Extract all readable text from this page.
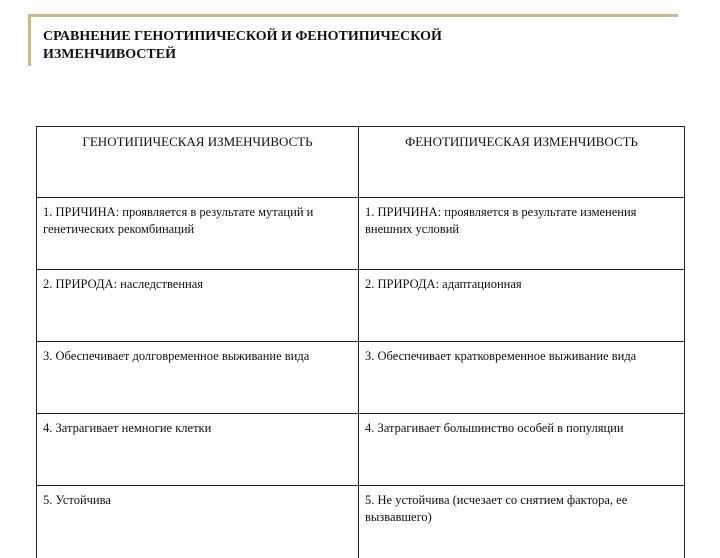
СРАВНЕНИЕ ГЕНОТИПИЧЕСКОЙ И ФЕНОТИПИЧЕСКОЙ
ИЗМЕНЧИВОСТЕЙ
ГЕНОТИПИЧЕСКАЯ ИЗМЕНЧИВОСТЬ	ФЕНОТИПИЧЕСКАЯ ИЗМЕНЧИВОСТЬ
1. ПРИЧИНА: проявляется в результате мутаций и генетических рекомбинаций	1. ПРИЧИНА: проявляется в результате изменения внешних условий
2. ПРИРОДА: наследственная	2. ПРИРОДА: адаптационная
3. Обеспечивает долговременное выживание вида	3. Обеспечивает кратковременное выживание вида
4. Затрагивает немногие клетки	4. Затрагивает большинство особей в популяции
5. Устойчива	5. Не устойчива (исчезает со снятием фактора, ее вызвавшего)
